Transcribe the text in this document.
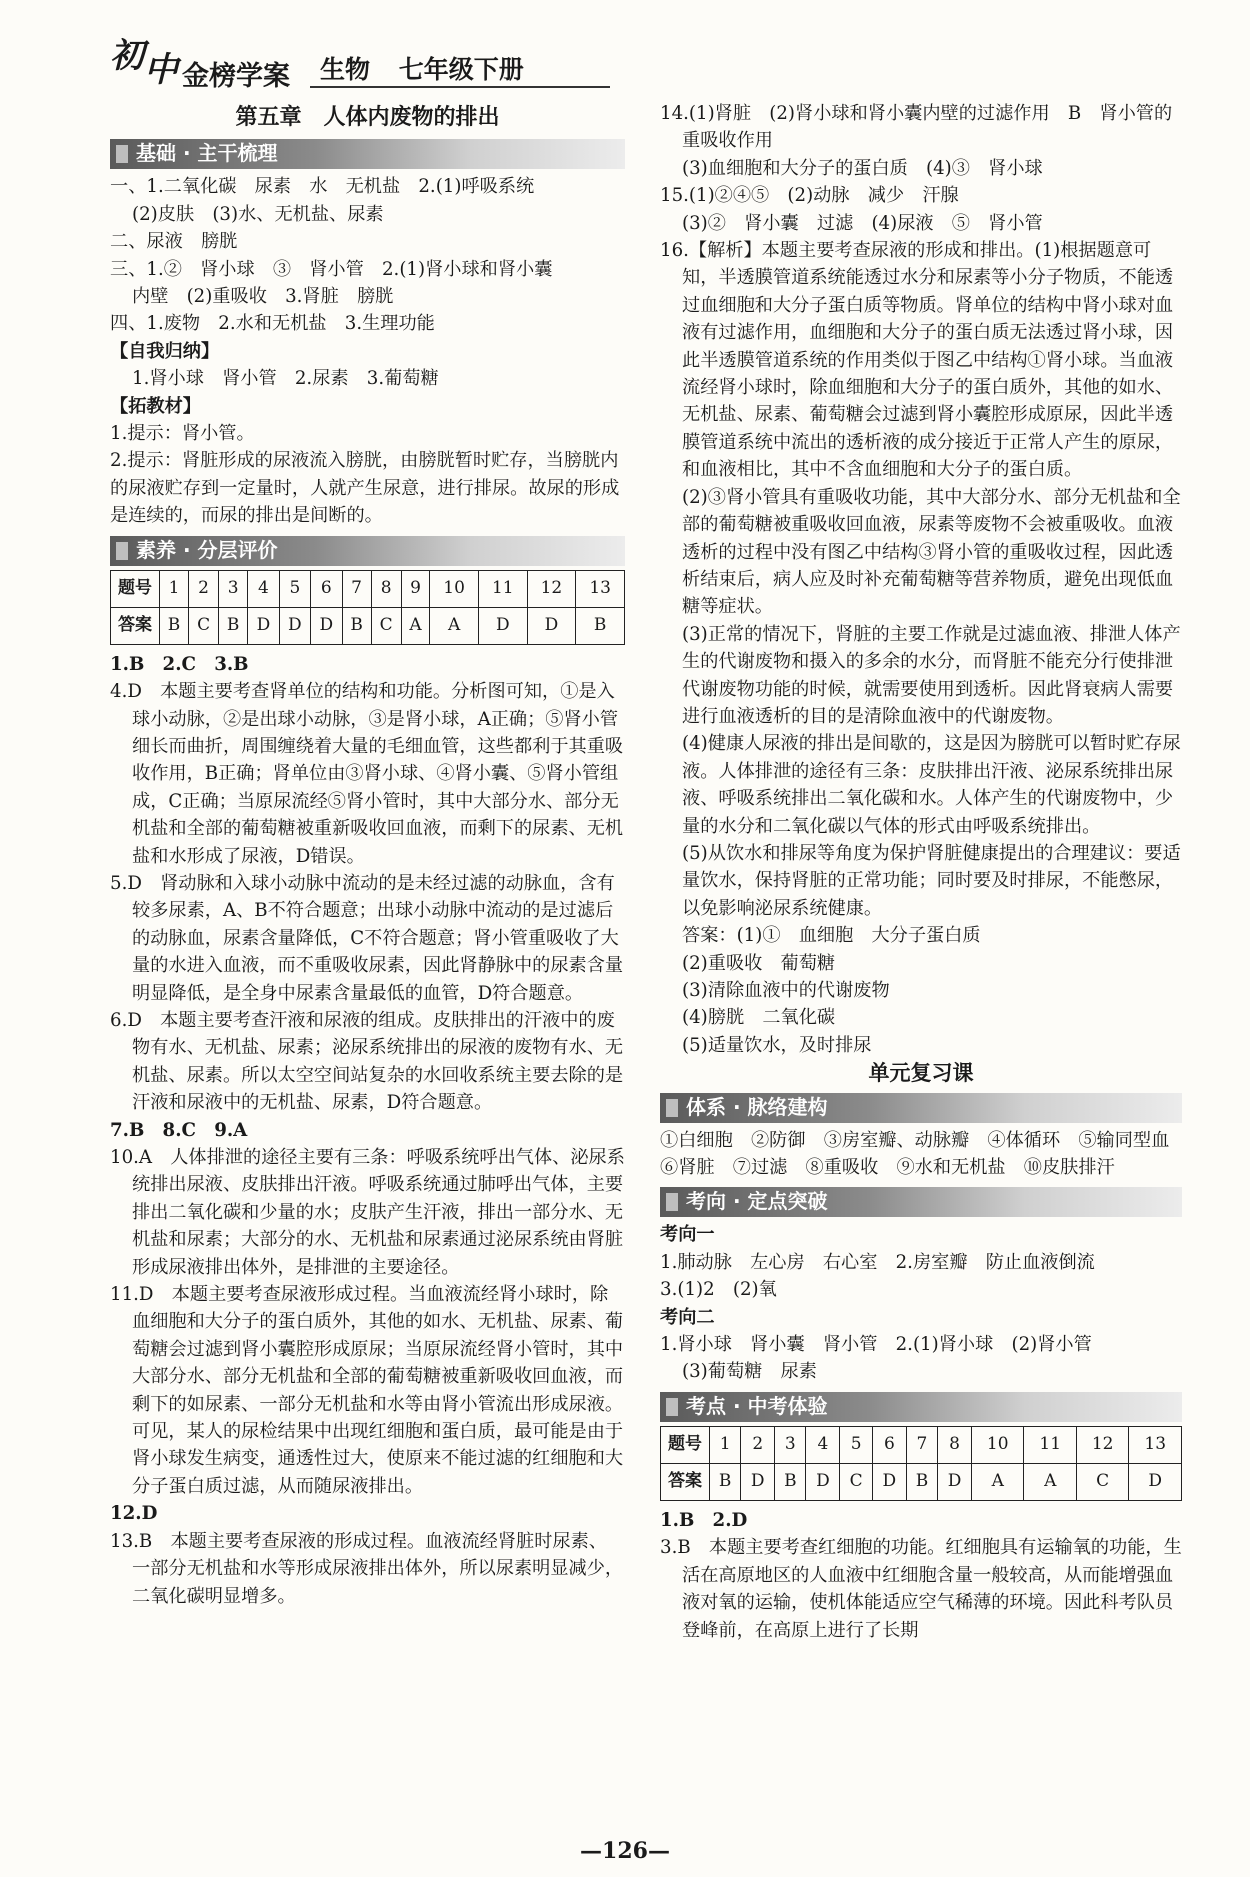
初 中 金榜学案 生物 七年级下册
第五章　人体内废物的排出
基础 · 主干梳理

一、1.二氧化碳　尿素　水　无机盐　2.(1)呼吸系统

(2)皮肤　(3)水、无机盐、尿素

二、尿液　膀胱

三、1.②　肾小球　③　肾小管　2.(1)肾小球和肾小囊

内壁　(2)重吸收　3.肾脏　膀胱

四、1.废物　2.水和无机盐　3.生理功能

【自我归纳】

1.肾小球　肾小管　2.尿素　3.葡萄糖

【拓教材】

1.提示：肾小管。

2.提示：肾脏形成的尿液流入膀胱，由膀胱暂时贮存，当膀胱内的尿液贮存到一定量时，人就产生尿意，进行排尿。故尿的形成是连续的，而尿的排出是间断的。

素养 · 分层评价
题号	1	2	3	4	5	6	7	8	9	10	11	12	13
答案	B	C	B	D	D	D	B	C	A	A	D	D	B

1.B　2.C　3.B

4.D　本题主要考查肾单位的结构和功能。分析图可知，①是入球小动脉，②是出球小动脉，③是肾小球，A正确；⑤肾小管细长而曲折，周围缠绕着大量的毛细血管，这些都利于其重吸收作用，B正确；肾单位由③肾小球、④肾小囊、⑤肾小管组成，C正确；当原尿流经⑤肾小管时，其中大部分水、部分无机盐和全部的葡萄糖被重新吸收回血液，而剩下的尿素、无机盐和水形成了尿液，D错误。

5.D　肾动脉和入球小动脉中流动的是未经过滤的动脉血，含有较多尿素，A、B不符合题意；出球小动脉中流动的是过滤后的动脉血，尿素含量降低，C不符合题意；肾小管重吸收了大量的水进入血液，而不重吸收尿素，因此肾静脉中的尿素含量明显降低，是全身中尿素含量最低的血管，D符合题意。

6.D　本题主要考查汗液和尿液的组成。皮肤排出的汗液中的废物有水、无机盐、尿素；泌尿系统排出的尿液的废物有水、无机盐、尿素。所以太空空间站复杂的水回收系统主要去除的是汗液和尿液中的无机盐、尿素，D符合题意。

7.B　8.C　9.A

10.A　人体排泄的途径主要有三条：呼吸系统呼出气体、泌尿系统排出尿液、皮肤排出汗液。呼吸系统通过肺呼出气体，主要排出二氧化碳和少量的水；皮肤产生汗液，排出一部分水、无机盐和尿素；大部分的水、无机盐和尿素通过泌尿系统由肾脏形成尿液排出体外，是排泄的主要途径。

11.D　本题主要考查尿液形成过程。当血液流经肾小球时，除血细胞和大分子的蛋白质外，其他的如水、无机盐、尿素、葡萄糖会过滤到肾小囊腔形成原尿；当原尿流经肾小管时，其中大部分水、部分无机盐和全部的葡萄糖被重新吸收回血液，而剩下的如尿素、一部分无机盐和水等由肾小管流出形成尿液。可见，某人的尿检结果中出现红细胞和蛋白质，最可能是由于肾小球发生病变，通透性过大，使原来不能过滤的红细胞和大分子蛋白质过滤，从而随尿液排出。

12.D

13.B　本题主要考查尿液的形成过程。血液流经肾脏时尿素、一部分无机盐和水等形成尿液排出体外，所以尿素明显减少，二氧化碳明显增多。

14.(1)肾脏　(2)肾小球和肾小囊内壁的过滤作用　B　肾小管的重吸收作用

(3)血细胞和大分子的蛋白质　(4)③　肾小球

15.(1)②④⑤　(2)动脉　减少　汗腺

(3)②　肾小囊　过滤　(4)尿液　⑤　肾小管

16.【解析】本题主要考查尿液的形成和排出。(1)根据题意可知，半透膜管道系统能透过水分和尿素等小分子物质，不能透过血细胞和大分子蛋白质等物质。肾单位的结构中肾小球对血液有过滤作用，血细胞和大分子的蛋白质无法透过肾小球，因此半透膜管道系统的作用类似于图乙中结构①肾小球。当血液流经肾小球时，除血细胞和大分子的蛋白质外，其他的如水、无机盐、尿素、葡萄糖会过滤到肾小囊腔形成原尿，因此半透膜管道系统中流出的透析液的成分接近于正常人产生的原尿，和血液相比，其中不含血细胞和大分子的蛋白质。

(2)③肾小管具有重吸收功能，其中大部分水、部分无机盐和全部的葡萄糖被重吸收回血液，尿素等废物不会被重吸收。血液透析的过程中没有图乙中结构③肾小管的重吸收过程，因此透析结束后，病人应及时补充葡萄糖等营养物质，避免出现低血糖等症状。

(3)正常的情况下，肾脏的主要工作就是过滤血液、排泄人体产生的代谢废物和摄入的多余的水分，而肾脏不能充分行使排泄代谢废物功能的时候，就需要使用到透析。因此肾衰病人需要进行血液透析的目的是清除血液中的代谢废物。

(4)健康人尿液的排出是间歇的，这是因为膀胱可以暂时贮存尿液。人体排泄的途径有三条：皮肤排出汗液、泌尿系统排出尿液、呼吸系统排出二氧化碳和水。人体产生的代谢废物中，少量的水分和二氧化碳以气体的形式由呼吸系统排出。

(5)从饮水和排尿等角度为保护肾脏健康提出的合理建议：要适量饮水，保持肾脏的正常功能；同时要及时排尿，不能憋尿，以免影响泌尿系统健康。

答案：(1)①　血细胞　大分子蛋白质

(2)重吸收　葡萄糖

(3)清除血液中的代谢废物

(4)膀胱　二氧化碳

(5)适量饮水，及时排尿

单元复习课
体系 · 脉络建构

①白细胞　②防御　③房室瓣、动脉瓣　④体循环　⑤输同型血　⑥肾脏　⑦过滤　⑧重吸收　⑨水和无机盐　⑩皮肤排汗

考向 · 定点突破

考向一

1.肺动脉　左心房　右心室　2.房室瓣　防止血液倒流

3.(1)2　(2)氧

考向二

1.肾小球　肾小囊　肾小管　2.(1)肾小球　(2)肾小管

(3)葡萄糖　尿素

考点 · 中考体验
题号	1	2	3	4	5	6	7	8	10	11	12	13
答案	B	D	B	D	C	D	B	D	A	A	C	D

1.B　2.D

3.B　本题主要考查红细胞的功能。红细胞具有运输氧的功能，生活在高原地区的人血液中红细胞含量一般较高，从而能增强血液对氧的运输，使机体能适应空气稀薄的环境。因此科考队员登峰前，在高原上进行了长期

—126—
